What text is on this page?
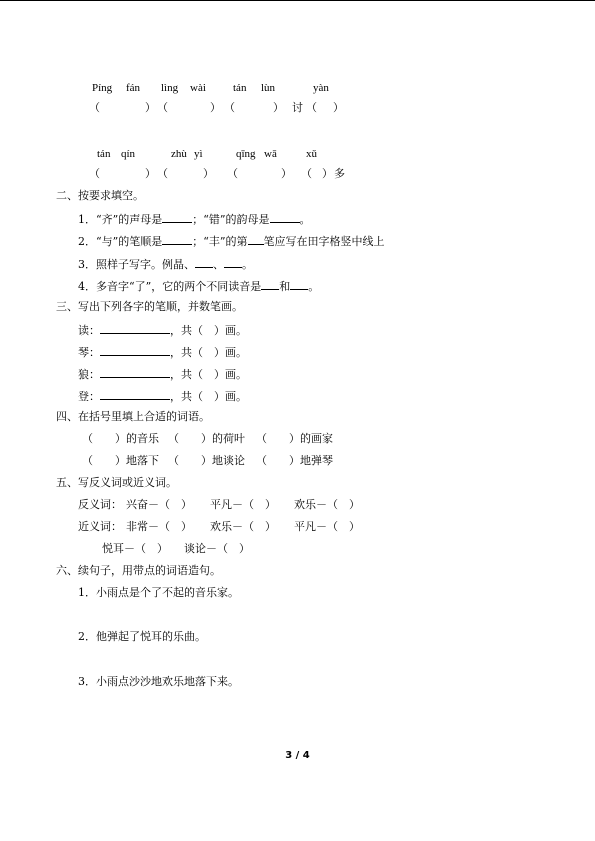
Píng fán lìng wài tán lùn	yàn
（	） （	） （	） 讨 （ ）
tán qín	zhù yì	qīng wā	xǔ
（	） （	） （	） （ ） 多
二、按要求填空。
1．“齐”的声母是	；“错”的韵母是	。
2．“与”的笔顺是	；“丰”的第 笔应写在田字格竖中线上
3．照样子写字。例晶、 、 。
4．多音字“了”，它的两个不同读音是 和 。
三、写出下列各字的笔顺，并数笔画。
读：	，共（　）画。
琴：	，共（　）画。
狼：	，共（　）画。
登：	，共（　）画。
四、在括号里填上合适的词语。
（　　）的音乐 （　　）的荷叶 （　　）的画家
（　　）地落下 （　　）地谈论 （　　）地弹琴
五、写反义词或近义词。
反义词： 兴奋－（　） 平凡－（　） 欢乐－（　）
近义词： 非常－（　） 欢乐－（　） 平凡－（　）
悦耳－（　） 谈论－（　）
六、续句子，用带点的词语造句。
1．小雨点是个了不起的音乐家。
2．他弹起了悦耳的乐曲。
3．小雨点沙沙地欢乐地落下来。
3 / 4
